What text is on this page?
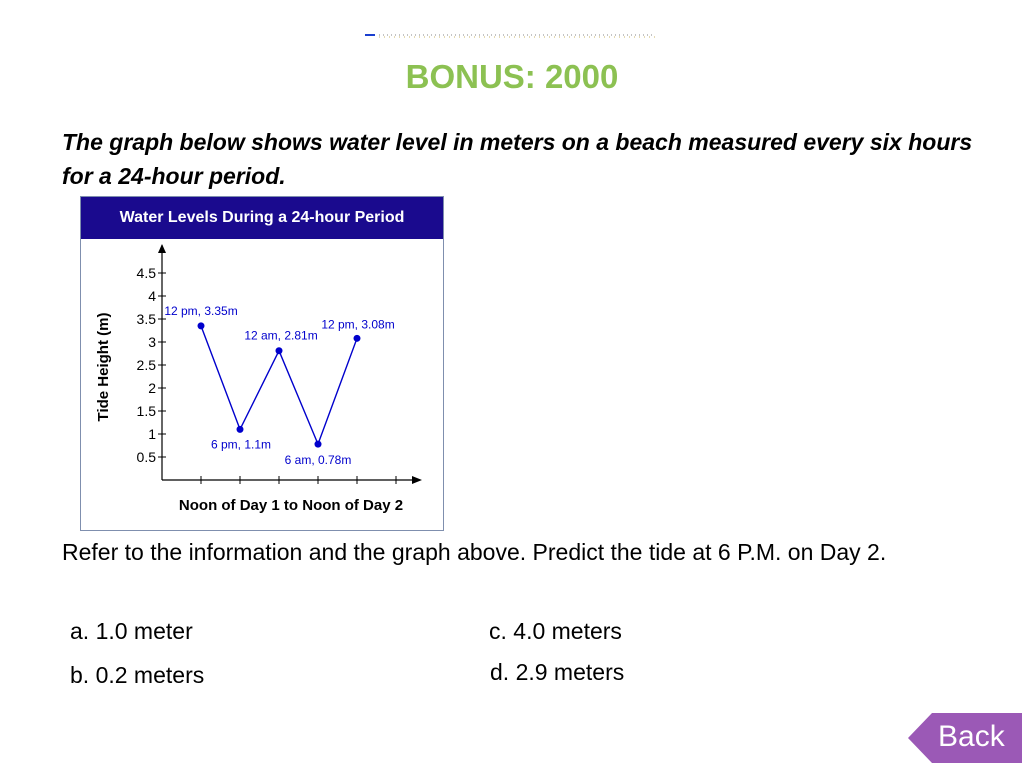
BONUS: 2000
The graph below shows water level in meters on a beach measured every six hours for a 24-hour period.
Water Levels During a 24-hour Period
0.5
1
1.5
2
2.5
3
3.5
4
4.5
Noon of Day 1 to Noon of Day 2
Tide Height (m)
12 pm, 3.35m
6 pm, 1.1m
12 am, 2.81m
6 am, 0.78m
12 pm, 3.08m
Refer to the information and the graph above. Predict the tide at 6 P.M. on Day 2.
a. 1.0 meter
b. 0.2 meters
c. 4.0 meters
d. 2.9 meters
Back
